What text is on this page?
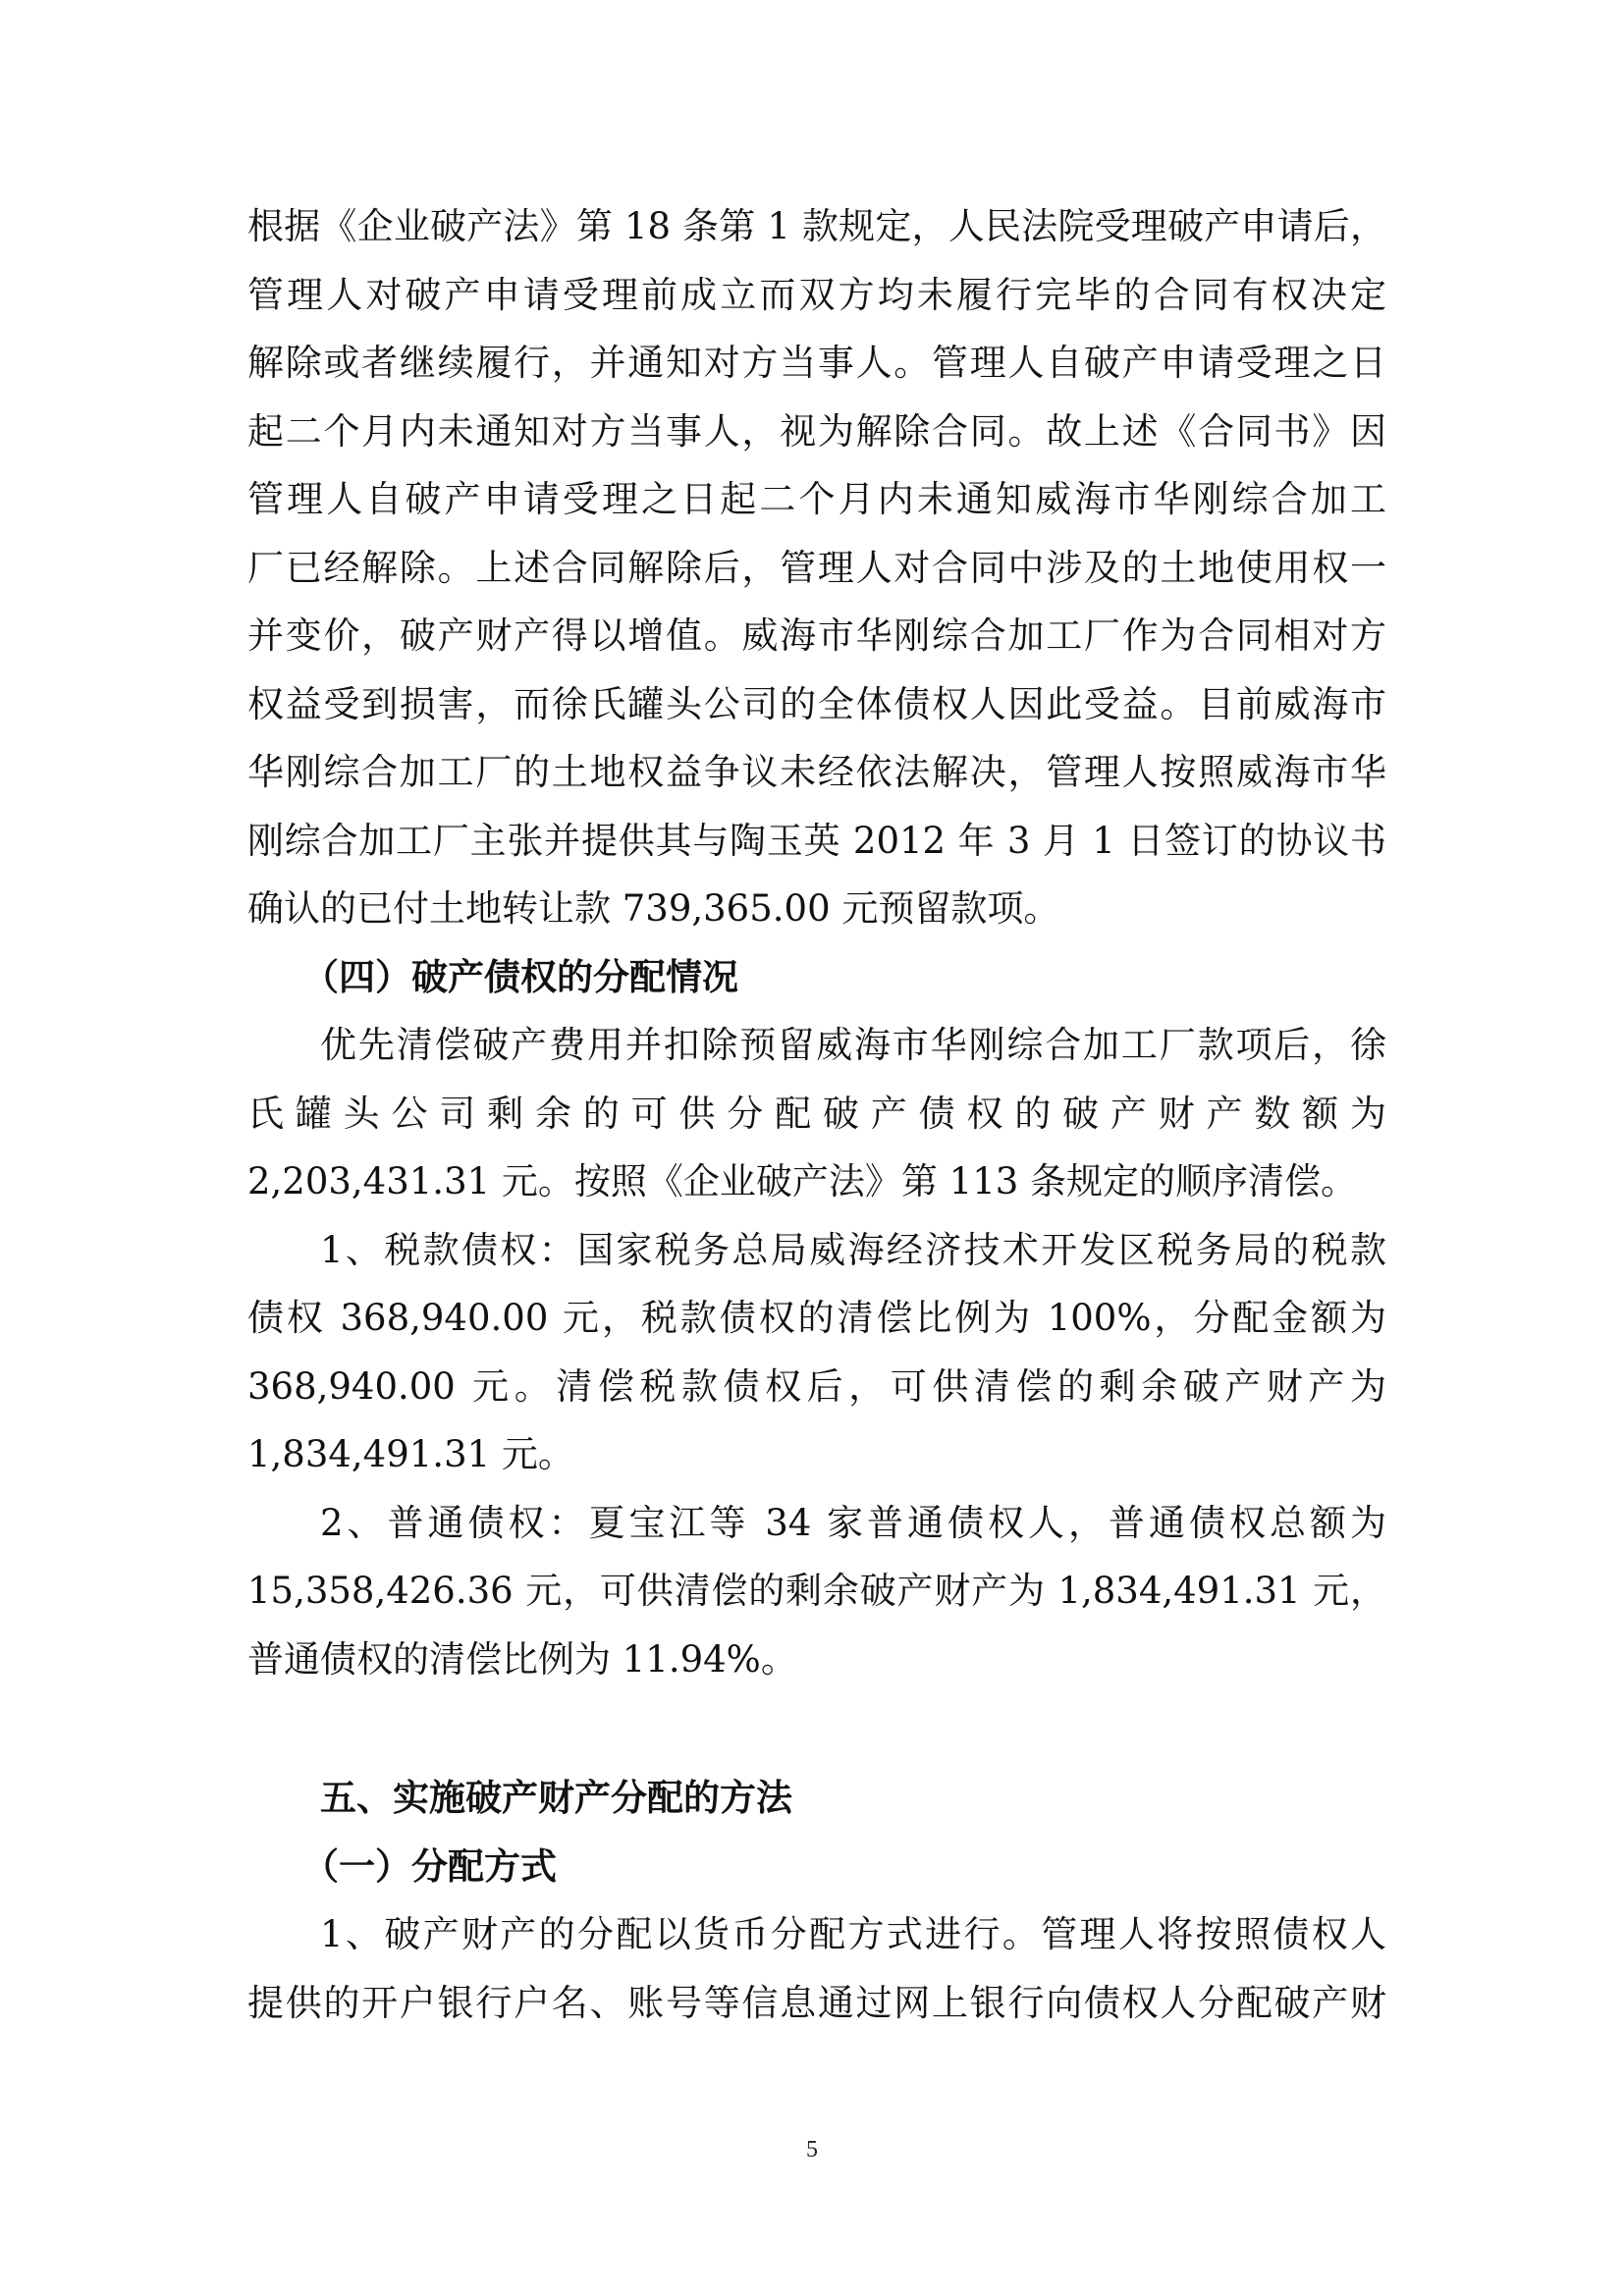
根据《企业破产法》第 18 条第 1 款规定，人民法院受理破产申请后，
管理人对破产申请受理前成立而双方均未履行完毕的合同有权决定
解除或者继续履行，并通知对方当事人。管理人自破产申请受理之日
起二个月内未通知对方当事人，视为解除合同。故上述《合同书》因
管理人自破产申请受理之日起二个月内未通知威海市华刚综合加工
厂已经解除。上述合同解除后，管理人对合同中涉及的土地使用权一
并变价，破产财产得以增值。威海市华刚综合加工厂作为合同相对方
权益受到损害，而徐氏罐头公司的全体债权人因此受益。目前威海市
华刚综合加工厂的土地权益争议未经依法解决，管理人按照威海市华
刚综合加工厂主张并提供其与陶玉英 2012 年 3 月 1 日签订的协议书
确认的已付土地转让款 739,365.00 元预留款项。

（四）破产债权的分配情况

优先清偿破产费用并扣除预留威海市华刚综合加工厂款项后，徐
氏罐头公司剩余的可供分配破产债权的破产财产数额为
2,203,431.31 元。按照《企业破产法》第 113 条规定的顺序清偿。

1、税款债权：国家税务总局威海经济技术开发区税务局的税款
债权 368,940.00 元，税款债权的清偿比例为 100%，分配金额为
368,940.00 元。清偿税款债权后，可供清偿的剩余破产财产为
1,834,491.31 元。

2、普通债权：夏宝江等 34 家普通债权人，普通债权总额为
15,358,426.36 元，可供清偿的剩余破产财产为 1,834,491.31 元，
普通债权的清偿比例为 11.94%。

五、实施破产财产分配的方法
（一）分配方式

1、破产财产的分配以货币分配方式进行。管理人将按照债权人
提供的开户银行户名、账号等信息通过网上银行向债权人分配破产财

5
